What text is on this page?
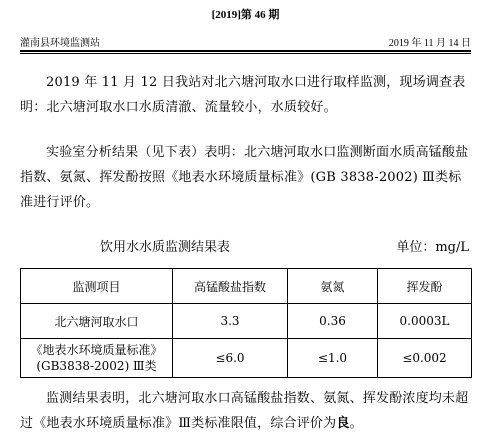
[2019]第 46 期
灌南县环境监测站	2019 年 11 月 14 日
2019 年 11 月 12 日我站对北六塘河取水口进行取样监测，现场调查表明：北六塘河取水口水质清澈、流量较小，水质较好。
实验室分析结果（见下表）表明：北六塘河取水口监测断面水质高锰酸盐指数、氨氮、挥发酚按照《地表水环境质量标准》(GB 3838-2002) Ⅲ类标准进行评价。
饮用水水质监测结果表	单位：mg/L
监测项目	高锰酸盐指数	氨氮	挥发酚
北六塘河取水口	3.3	0.36	0.0003L
《地表水环境质量标准》(GB3838-2002) Ⅲ类	≤6.0	≤1.0	≤0.002
监测结果表明，北六塘河取水口高锰酸盐指数、氨氮、挥发酚浓度均未超过《地表水环境质量标准》Ⅲ类标准限值，综合评价为良。
